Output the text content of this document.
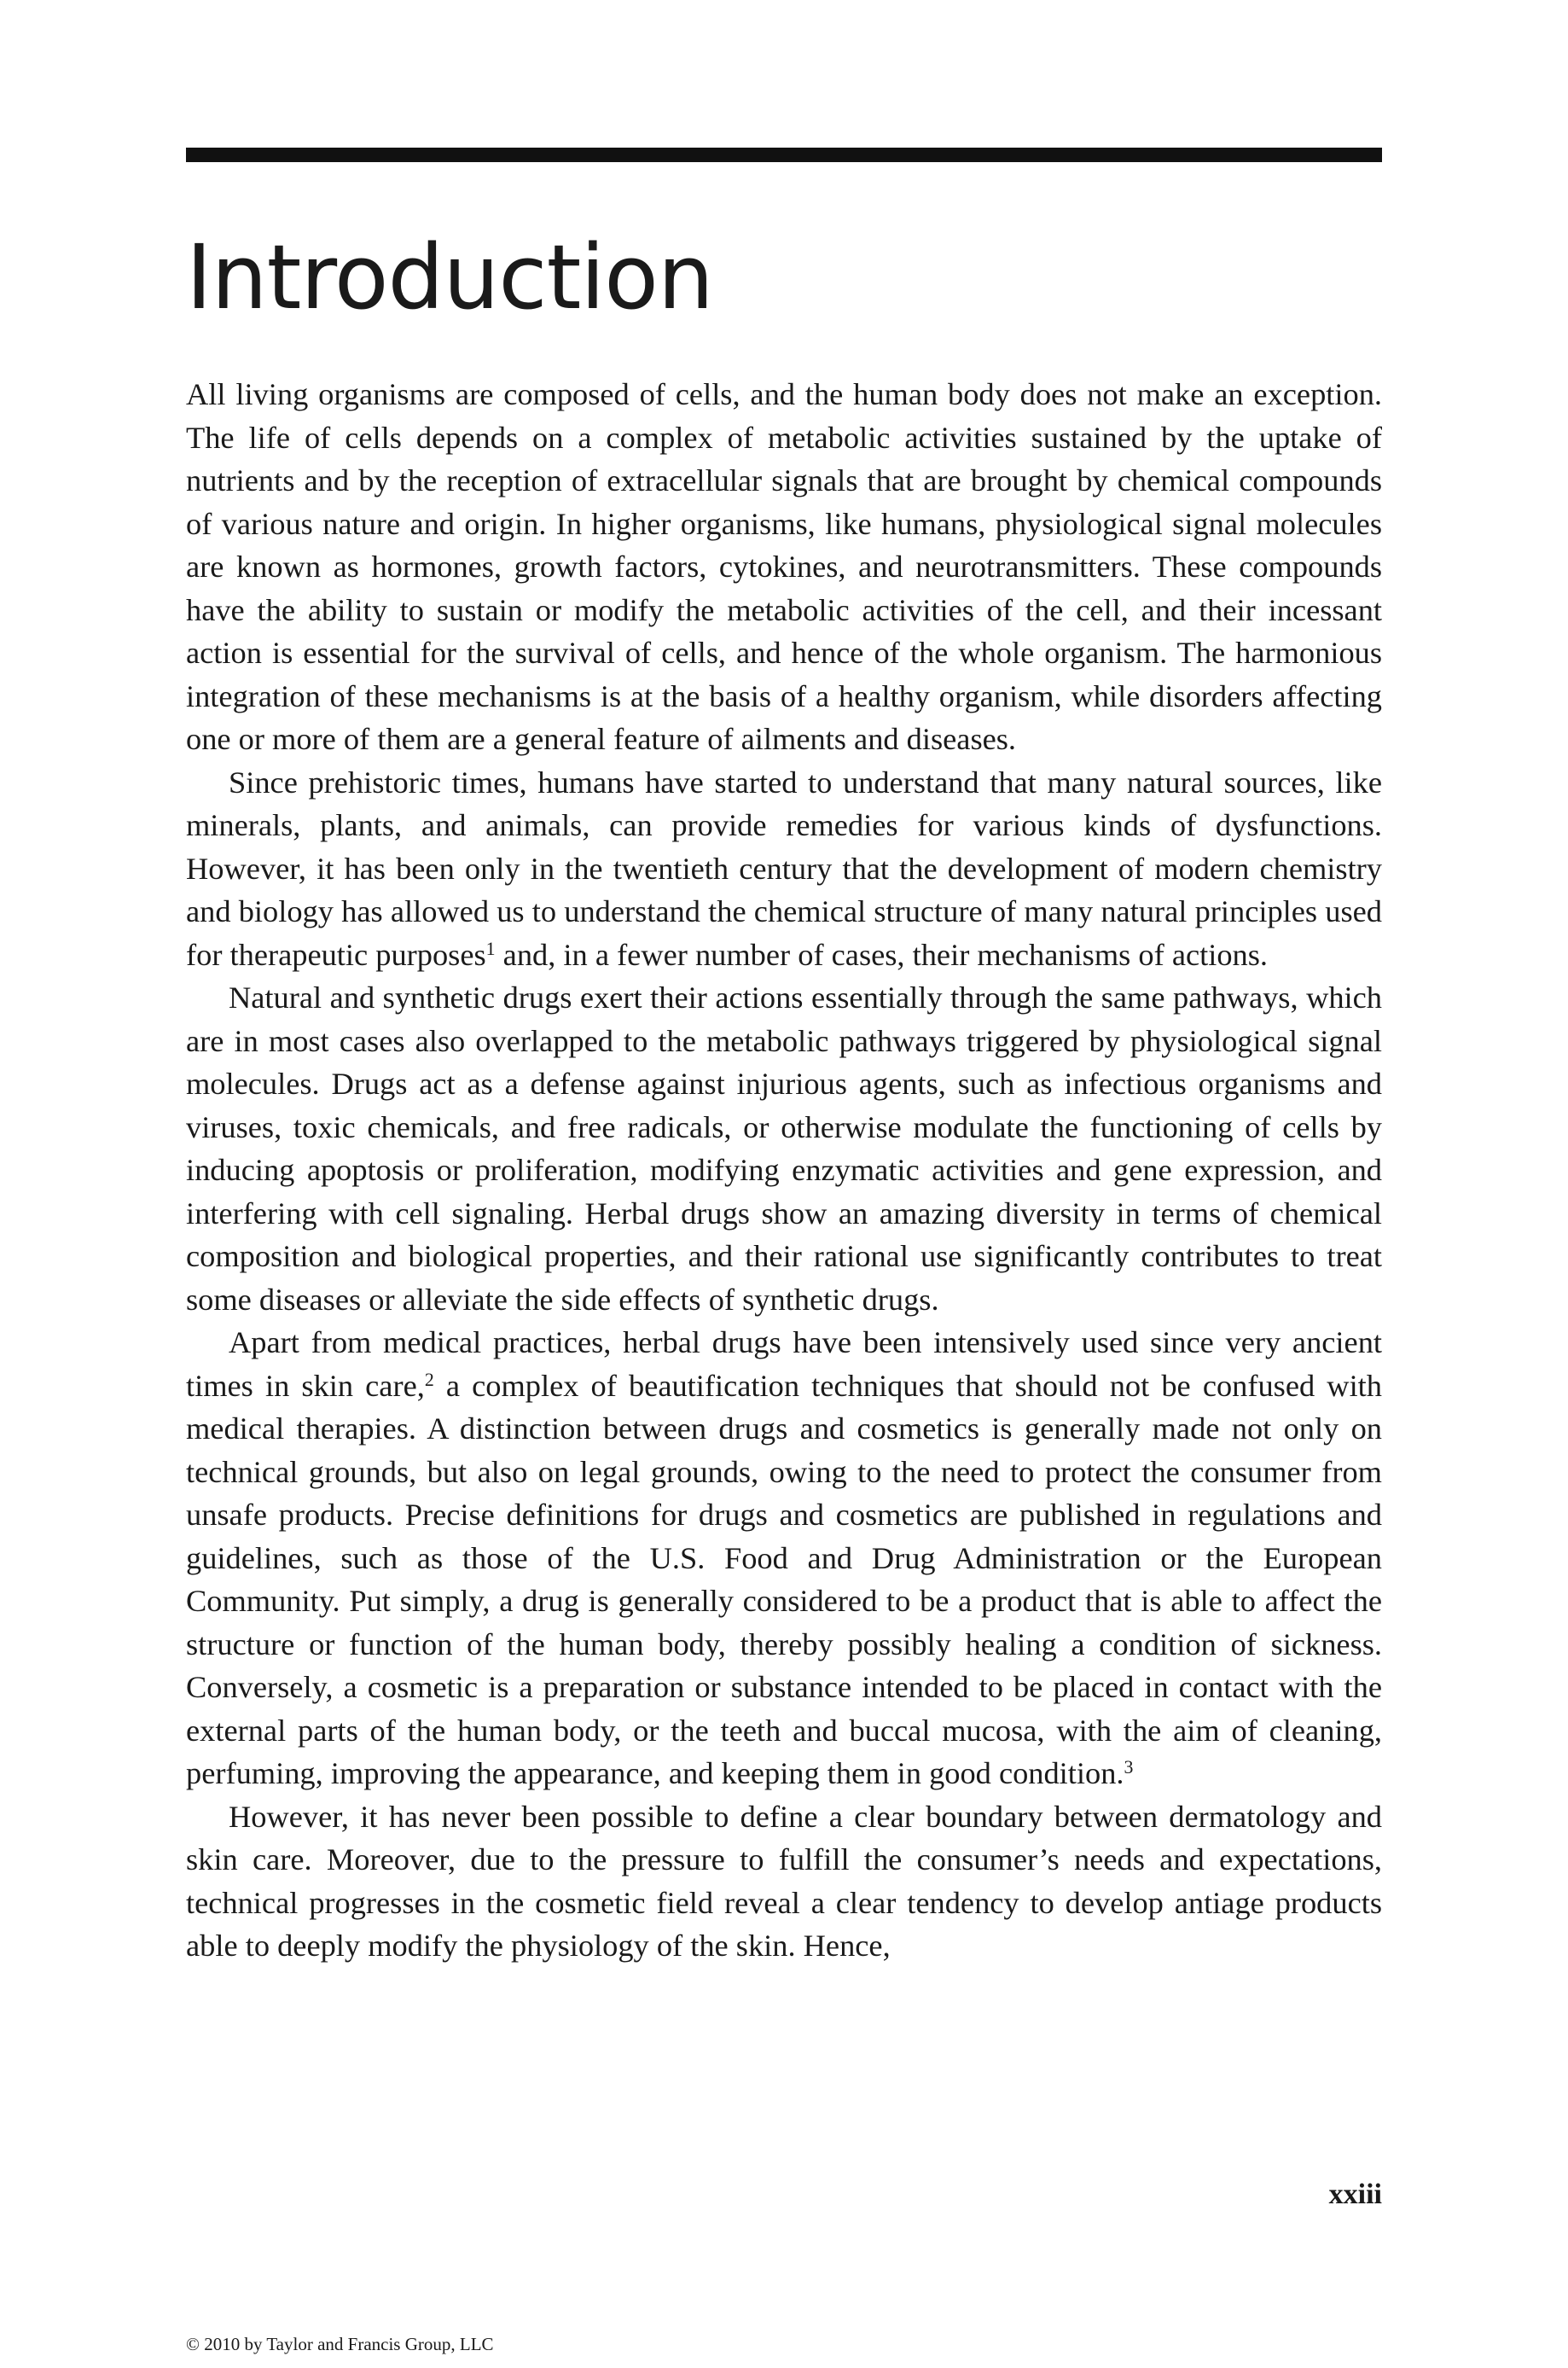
Introduction

All living organisms are composed of cells, and the human body does not make an exception. The life of cells depends on a complex of metabolic activities sustained by the uptake of nutrients and by the reception of extracellular signals that are brought by chemical compounds of various nature and origin. In higher organisms, like humans, physiological signal molecules are known as hormones, growth factors, cytokines, and neurotransmitters. These compounds have the ability to sustain or modify the metabolic activities of the cell, and their incessant action is essential for the survival of cells, and hence of the whole organism. The harmonious integration of these mechanisms is at the basis of a healthy organism, while disorders affecting one or more of them are a general feature of ailments and diseases.

Since prehistoric times, humans have started to understand that many natural sources, like minerals, plants, and animals, can provide remedies for various kinds of dysfunctions. However, it has been only in the twentieth century that the development of modern chemistry and biology has allowed us to understand the chemical structure of many natural principles used for therapeutic purposes$^1$ and, in a fewer number of cases, their mechanisms of actions.

Natural and synthetic drugs exert their actions essentially through the same pathways, which are in most cases also overlapped to the metabolic pathways triggered by physiological signal molecules. Drugs act as a defense against injurious agents, such as infectious organisms and viruses, toxic chemicals, and free radicals, or otherwise modulate the functioning of cells by inducing apoptosis or proliferation, modifying enzymatic activities and gene expression, and interfering with cell signaling. Herbal drugs show an amazing diversity in terms of chemical composition and biological properties, and their rational use significantly contributes to treat some diseases or alleviate the side effects of synthetic drugs.

Apart from medical practices, herbal drugs have been intensively used since very ancient times in skin care,$^2$ a complex of beautification techniques that should not be confused with medical therapies. A distinction between drugs and cosmetics is generally made not only on technical grounds, but also on legal grounds, owing to the need to protect the consumer from unsafe products. Precise definitions for drugs and cosmetics are published in regulations and guidelines, such as those of the U.S. Food and Drug Administration or the European Community. Put simply, a drug is generally considered to be a product that is able to affect the structure or function of the human body, thereby possibly healing a condition of sickness. Conversely, a cosmetic is a preparation or substance intended to be placed in contact with the external parts of the human body, or the teeth and buccal mucosa, with the aim of cleaning, perfuming, improving the appearance, and keeping them in good condition.$^3$

However, it has never been possible to define a clear boundary between dermatology and skin care. Moreover, due to the pressure to fulfill the consumer’s needs and expectations, technical progresses in the cosmetic field reveal a clear tendency to develop antiage products able to deeply modify the physiology of the skin. Hence,

xxiii
© 2010 by Taylor and Francis Group, LLC
